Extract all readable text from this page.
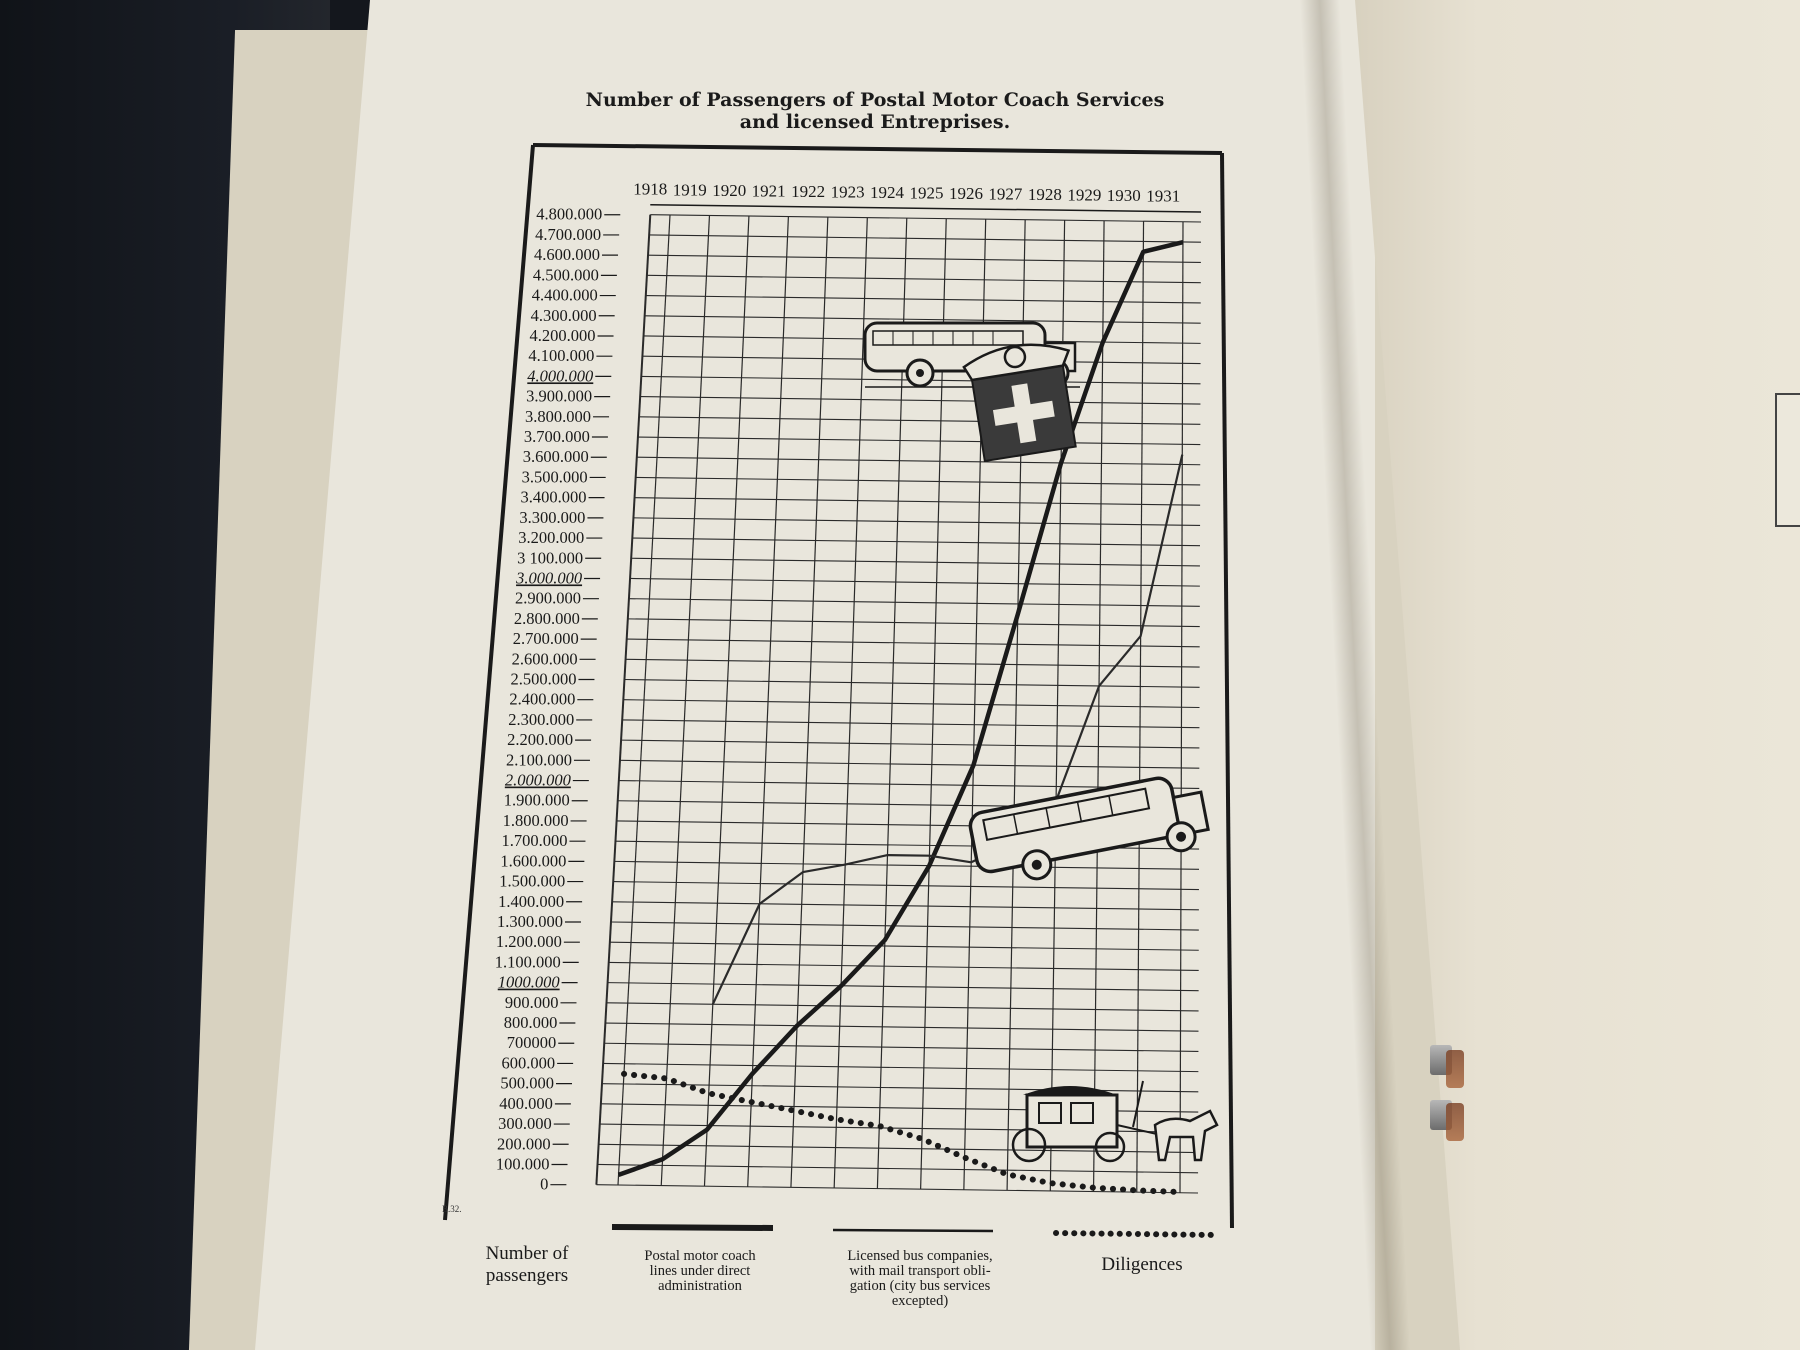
Number of Passengers of Postal Motor Coach Services
and licensed Entreprises.
0
100.000
200.000
300.000
400.000
500.000
600.000
700000
800.000
900.000
1000.000
1.100.000
1.200.000
1.300.000
1.400.000
1.500.000
1.600.000
1.700.000
1.800.000
1.900.000
2.000.000
2.100.000
2.200.000
2.300.000
2.400.000
2.500.000
2.600.000
2.700.000
2.800.000
2.900.000
3.000.000
3 100.000
3.200.000
3.300.000
3.400.000
3.500.000
3.600.000
3.700.000
3.800.000
3.900.000
4.000.000
4.100.000
4.200.000
4.300.000
4.400.000
4.500.000
4.600.000
4.700.000
4.800.000
1918 1919 1920 1921 1922 1923 1924 1925 1926 1927 1928 1929 1930 1931
Number of
passengers
Postal motor coach
lines under direct
administration
Licensed bus companies,
with mail transport obli-
gation (city bus services
excepted)
Diligences
B.32.
